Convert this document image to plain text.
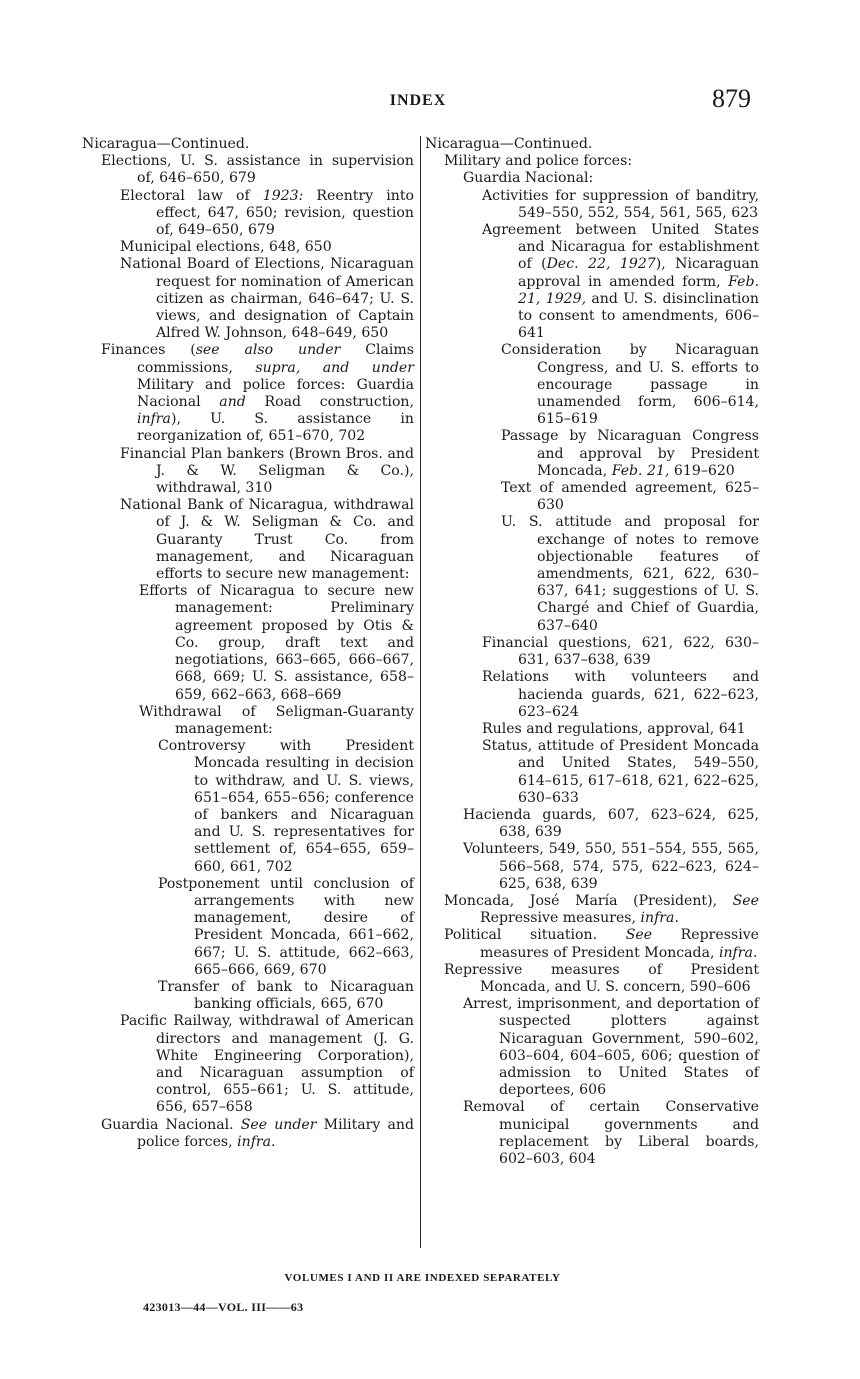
INDEX	879

Nicaragua—Continued.

Elections, U. S. assistance in supervision of, 646–650, 679

Electoral law of 1923: Reentry into effect, 647, 650; revision, question of, 649–650, 679

Municipal elections, 648, 650

National Board of Elections, Nicaraguan request for nomination of American citizen as chairman, 646–647; U. S. views, and designation of Captain Alfred W. Johnson, 648–649, 650

Finances (see also under Claims commissions, supra, and under Military and police forces: Guardia Nacional and Road construction, infra), U. S. assistance in reorganization of, 651–670, 702

Financial Plan bankers (Brown Bros. and J. & W. Seligman & Co.), withdrawal, 310

National Bank of Nicaragua, withdrawal of J. & W. Seligman & Co. and Guaranty Trust Co. from management, and Nicaraguan efforts to secure new management:

Efforts of Nicaragua to secure new management: Preliminary agreement proposed by Otis & Co. group, draft text and negotiations, 663–665, 666–667, 668, 669; U. S. assistance, 658–659, 662–663, 668–669

Withdrawal of Seligman-Guaranty management:

Controversy with President Moncada resulting in decision to withdraw, and U. S. views, 651–654, 655–656; conference of bankers and Nicaraguan and U. S. representatives for settlement of, 654–655, 659–660, 661, 702

Postponement until conclusion of arrangements with new management, desire of President Moncada, 661–662, 667; U. S. attitude, 662–663, 665–666, 669, 670

Transfer of bank to Nicaraguan banking officials, 665, 670

Pacific Railway, withdrawal of American directors and management (J. G. White Engineering Corporation), and Nicaraguan assumption of control, 655–661; U. S. attitude, 656, 657–658

Guardia Nacional. See under Military and police forces, infra.

Nicaragua—Continued.

Military and police forces:

Guardia Nacional:

Activities for suppression of banditry, 549–550, 552, 554, 561, 565, 623

Agreement between United States and Nicaragua for establishment of (Dec. 22, 1927), Nicaraguan approval in amended form, Feb. 21, 1929, and U. S. disinclination to consent to amendments, 606–641

Consideration by Nicaraguan Congress, and U. S. efforts to encourage passage in unamended form, 606–614, 615–619

Passage by Nicaraguan Congress and approval by President Moncada, Feb. 21, 619–620

Text of amended agreement, 625–630

U. S. attitude and proposal for exchange of notes to remove objectionable features of amendments, 621, 622, 630–637, 641; suggestions of U. S. Chargé and Chief of Guardia, 637–640

Financial questions, 621, 622, 630–631, 637–638, 639

Relations with volunteers and hacienda guards, 621, 622–623, 623–624

Rules and regulations, approval, 641

Status, attitude of President Moncada and United States, 549–550, 614–615, 617–618, 621, 622–625, 630–633

Hacienda guards, 607, 623–624, 625, 638, 639

Volunteers, 549, 550, 551–554, 555, 565, 566–568, 574, 575, 622–623, 624–625, 638, 639

Moncada, José María (President), See Repressive measures, infra.

Political situation. See Repressive measures of President Moncada, infra.

Repressive measures of President Moncada, and U. S. concern, 590–606

Arrest, imprisonment, and deportation of suspected plotters against Nicaraguan Government, 590–602, 603–604, 604–605, 606; question of admission to United States of deportees, 606

Removal of certain Conservative municipal governments and replacement by Liberal boards, 602–603, 604

VOLUMES I AND II ARE INDEXED SEPARATELY
423013—44—VOL. III——63
